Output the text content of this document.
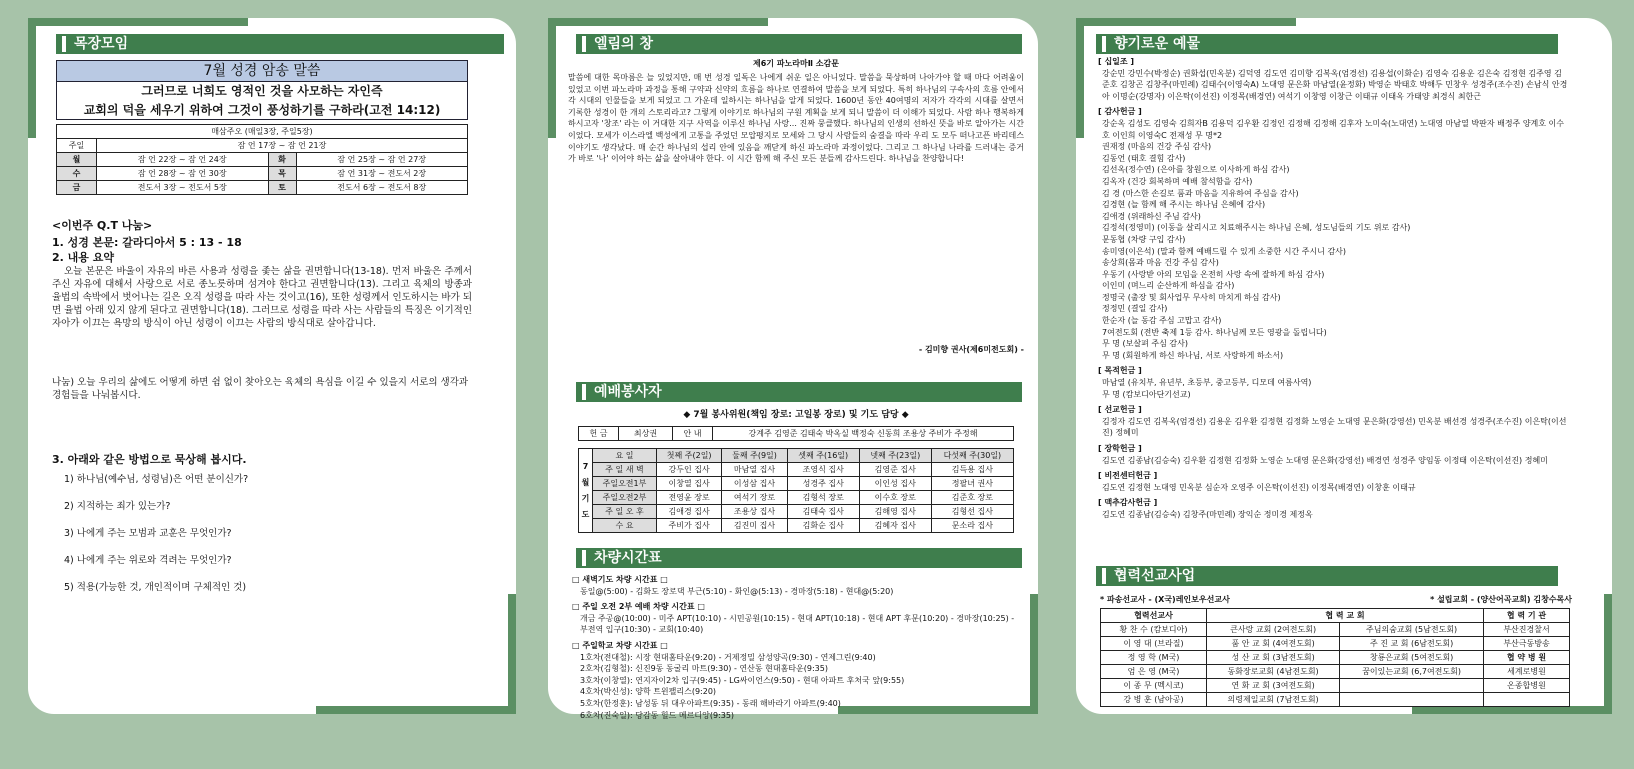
목장모임
7월 성경 암송 말씀
그러므로 너희도 영적인 것을 사모하는 자인즉
교회의 덕을 세우기 위하여 그것이 풍성하기를 구하라(고전 14:12)
매삼주오 (매일3장, 주일5장)			
주일	잠 언 17장 ~ 잠 언 21장		
월	잠 언 22장 ~ 잠 언 24장	화	잠 언 25장 ~ 잠 언 27장
수	잠 언 28장 ~ 잠 언 30장	목	잠 언 31장 ~ 전도서 2장
금	전도서 3장 ~ 전도서 5장	토	전도서 6장 ~ 전도서 8장
<이번주 Q.T 나눔>
1. 성경 본문: 갈라디아서 5 : 13 - 18
2. 내용 요약
오늘 본문은 바울이 자유의 바른 사용과 성령을 좇는 삶을 권면합니다(13-18). 먼저 바울은 주께서 주신 자유에 대해서 사랑으로 서로 종노릇하며 섬겨야 한다고 권면합니다(13). 그리고 육체의 방종과 율법의 속박에서 벗어나는 길은 오직 성령을 따라 사는 것이고(16), 또한 성령께서 인도하시는 바가 되면 율법 아래 있지 않게 된다고 권면합니다(18). 그러므로 성령을 따라 사는 사람들의 특징은 이기적인 자아가 이끄는 욕망의 방식이 아닌 성령이 이끄는 사람의 방식대로 살아갑니다.
나눔) 오늘 우리의 삶에도 어떻게 하면 쉼 없이 찾아오는 육체의 욕심을 이길 수 있을지 서로의 생각과 경험들을 나눠봅시다.
3. 아래와 같은 방법으로 묵상해 봅시다.
1) 하나님(예수님, 성령님)은 어떤 분이신가?
2) 지적하는 죄가 있는가?
3) 나에게 주는 모범과 교훈은 무엇인가?
4) 나에게 주는 위로와 격려는 무엇인가?
5) 적용(가능한 것, 개인적이며 구체적인 것)
엘림의 창
제6기 파노라마Ⅱ 소감문
말씀에 대한 목마름은 늘 있었지만, 매 번 성경 일독은 나에게 쉬운 일은 아니었다. 말씀을 묵상하며 나아가야 할 때 마다 어려움이 있었고 이번 파노라마 과정을 통해 구약과 신약의 흐름을 하나로 연결하여 말씀을 보게 되었다. 특히 하나님의 구속사의 흐름 안에서 각 시대의 인물들을 보게 되었고 그 가운데 일하시는 하나님을 알게 되었다. 1600년 동안 40여명의 저자가 각각의 시대를 살면서 기록한 성경이 한 개의 스토리라고? 그렇게 이야기로 하나님의 구원 계획을 보게 되니 말씀이 더 이해가 되었다. 사람 하나 행복하게 하시고자 '창조' 라는 이 거대한 지구 사역을 이루신 하나님 사랑... 진짜 뭉클했다. 하나님의 인생의 선하신 뜻을 바로 알아가는 시간이었다. 모세가 이스라엘 백성에게 고통을 주었던 모압평지로 모세와 그 당시 사람들의 숨결을 따라 우리 도 모두 떠나고픈 바리데스 이야기도 생각났다. 매 순간 하나님의 섭리 안에 있음을 깨닫게 하신 파노라마 과정이었다. 그리고 그 하나님 나라를 드러내는 증거가 바로 '나' 이어야 하는 삶을 살아내야 한다. 이 시간 함께 해 주신 모든 분들께 감사드린다. 하나님을 찬양합니다!
- 김미향 권사(제6미전도회) -
예배봉사자
◆ 7월 봉사위원(책임 장로: 고일봉 장로) 및 기도 담당 ◆
헌 금	최상권	안 내	강계주 김영준 김태숙 박옥실 백정숙 신동희 조용상 주비가 주정해
7월기도	요 일	첫째 주(2일)	둘째 주(9일)	셋째 주(16일)	넷째 주(23일)	다섯째 주(30일)
	주 일 새 벽	강두인 집사	마남열 집사	조영식 집사	김영준 집사	김득용 집사
	주일오전1부	이창열 집사	이성삼 집사	성경주 집사	이인성 집사	정팔녀 권사
	주일오전2부	전영윤 장로	여석기 장로	김형석 장로	이수호 장로	김준호 장로
	주 일 오 후	김애경 집사	조용상 집사	김태숙 집사	김해영 집사	김형선 집사
	수 요	주비가 집사	김진미 집사	김화순 집사	김혜자 집사	문소라 집사
차량시간표
□ 새벽기도 차량 시간표 □
동일@(5:00) - 김화도 장로댁 부근(5:10) - 화인@(5:13) - 경마장(5:18) - 현대@(5:20)
□ 주일 오전 2부 예배 차량 시간표 □
개금 주공@(10:00) - 미주 APT(10:10) - 시민공원(10:15) - 현대 APT(10:18) - 현대 APT 후문(10:20) - 경마장(10:25) - 부전역 입구(10:30) - 교회(10:40)
□ 주일학교 차량 시간표 □
1호차(전대철): 시장 현대홈타운(9:20) - 거제정밀 삼성양곡(9:30) - 연제그린(9:40)
2호차(김형철): 신진9동 동굴리 마트(9:30) - 연산동 현대홈타운(9:35)
3호차(이창열): 연지자이2차 입구(9:45) - LG싸이언스(9:50) - 현대 아파트 후처국 앞(9:55)
4호차(박신성): 양학 트윈팰리스(9:20)
5호차(한정훈): 남성동 뒤 대우아파트(9:35) - 동래 해바라기 아파트(9:40)
6호차(진숙일): 당감동 힐드 메르디앙(9:35)
향기로운 예물
[ 십일조 ]
강순민 강민수(박정순) 권화섭(민옥분) 김덕영 김도연 김미향 김복옥(엄경선) 김용섭(이화순) 김영숙 김용운 김은숙 김정현 김주영 김준호 김창곤 김창주(마민례) 김태수(이영숙A) 노대영 문은화 마남열(윤정화) 박영순 박태호 박해두 민창우 성경주(조수진) 손남식 안경아 이명순(강명자) 이은탁(이선진) 이정목(배경연) 여석기 이창영 이창근 이태규 이태옥 가태양 최경식 최한근
[ 감사헌금 ]
강순옥 김성도 김영숙 김희자B 김용덕 김우환 김정인 김정해 김정해 김후자 노미숙(노대연) 노대영 마남열 박판자 배정주 양계호 이수호 이인희 이영숙C 전재성 무 명*2
권재정 (마음의 건강 주심 감사)
김동언 (태호 결힘 감사)
김선옥(정수연) (은아를 창원으로 이사하게 하심 감사)
김옥자 (건강 회복하며 예배 참석함을 감사)
김 경 (마스한 손길로 품과 마음을 지유하여 주심을 감사)
김경현 (늘 함께 해 주시는 하나님 은혜에 감사)
김애경 (위래하신 주님 감사)
김정석(정영미) (이동을 살리시고 치료해주시는 하나님 은혜, 성도님들의 기도 위로 감사)
문동협 (차량 구입 감사)
송미영(이은석) (말과 함께 예배드릴 수 있게 소중한 시간 주시니 감사)
송상희(몸과 마음 건강 주심 감사)
우동기 (사랑받 아의 모임을 온전히 사랑 속에 잘하게 하심 감사)
이인미 (며느리 순산하게 하심을 감사)
정명국 (출장 및 회사업무 무사히 마치게 하심 감사)
정정민 (결일 감사)
한순자 (늘 동감 주심 고맙고 감사)
7여전도회 (전반 축제 1등 감사. 하나님께 모든 영광을 돌립니다)
무 명 (보살펴 주심 감사)
무 명 (회원하게 하신 하나님, 서로 사랑하게 하소서)
[ 목적헌금 ]
마남열 (유치부, 유년부, 초등부, 중고등부, 디모데 여름사역)
무 명 (캄보디아단기선교)
[ 선교헌금 ]
김정자 김도연 김복옥(엄경선) 김용운 김우환 김정현 김정화 노영순 노대영 문은화(강영선) 민옥분 배선경 성경주(조수진) 이은탁(이선진) 정혜미
[ 장학헌금 ]
김도연 김종남(김승숙) 김우환 김정현 김정화 노영순 노대영 문은화(강영선) 배경연 성경주 양임동 이정태 이은탁(이선진) 정혜미
[ 비전센터헌금 ]
김도연 김정현 노대영 민옥분 심순자 오영주 이은탁(이선진) 이정목(배경연) 이창훈 이태규
[ 맥추감사헌금 ]
김도연 김종남(김승숙) 김창주(마민례) 장익순 정미경 제정옥
협력선교사업
* 파송선교사 - (X국)레인보우선교사	* 설립교회 - (양산어곡교회) 김창수목사
협력선교사	협 력 교 회		협 력 기 관
황 찬 수 (캄보디아)	큰사랑 교회 (2여전도회)	주님의숨교회 (5남전도회)	부산진경찰서
이 영 대 (브라질)	품 안 교 회 (4여전도회)	주 진 교 회 (6남전도회)	부산극동방송
정 영 학 (M국)	성 산 교 회 (3남전도회)	창룡은교회 (5여전도회)	협 약 병 원
엄 은 영 (M국)	동화장로교회 (4남전도회)	꿈이있는교회 (6,7여전도회)	세계로병원
이 종 무 (멕시코)	연 화 교 회 (3여전도회)		온종합병원
강 병 훈 (남아공)	의령제일교회 (7남전도회)		
